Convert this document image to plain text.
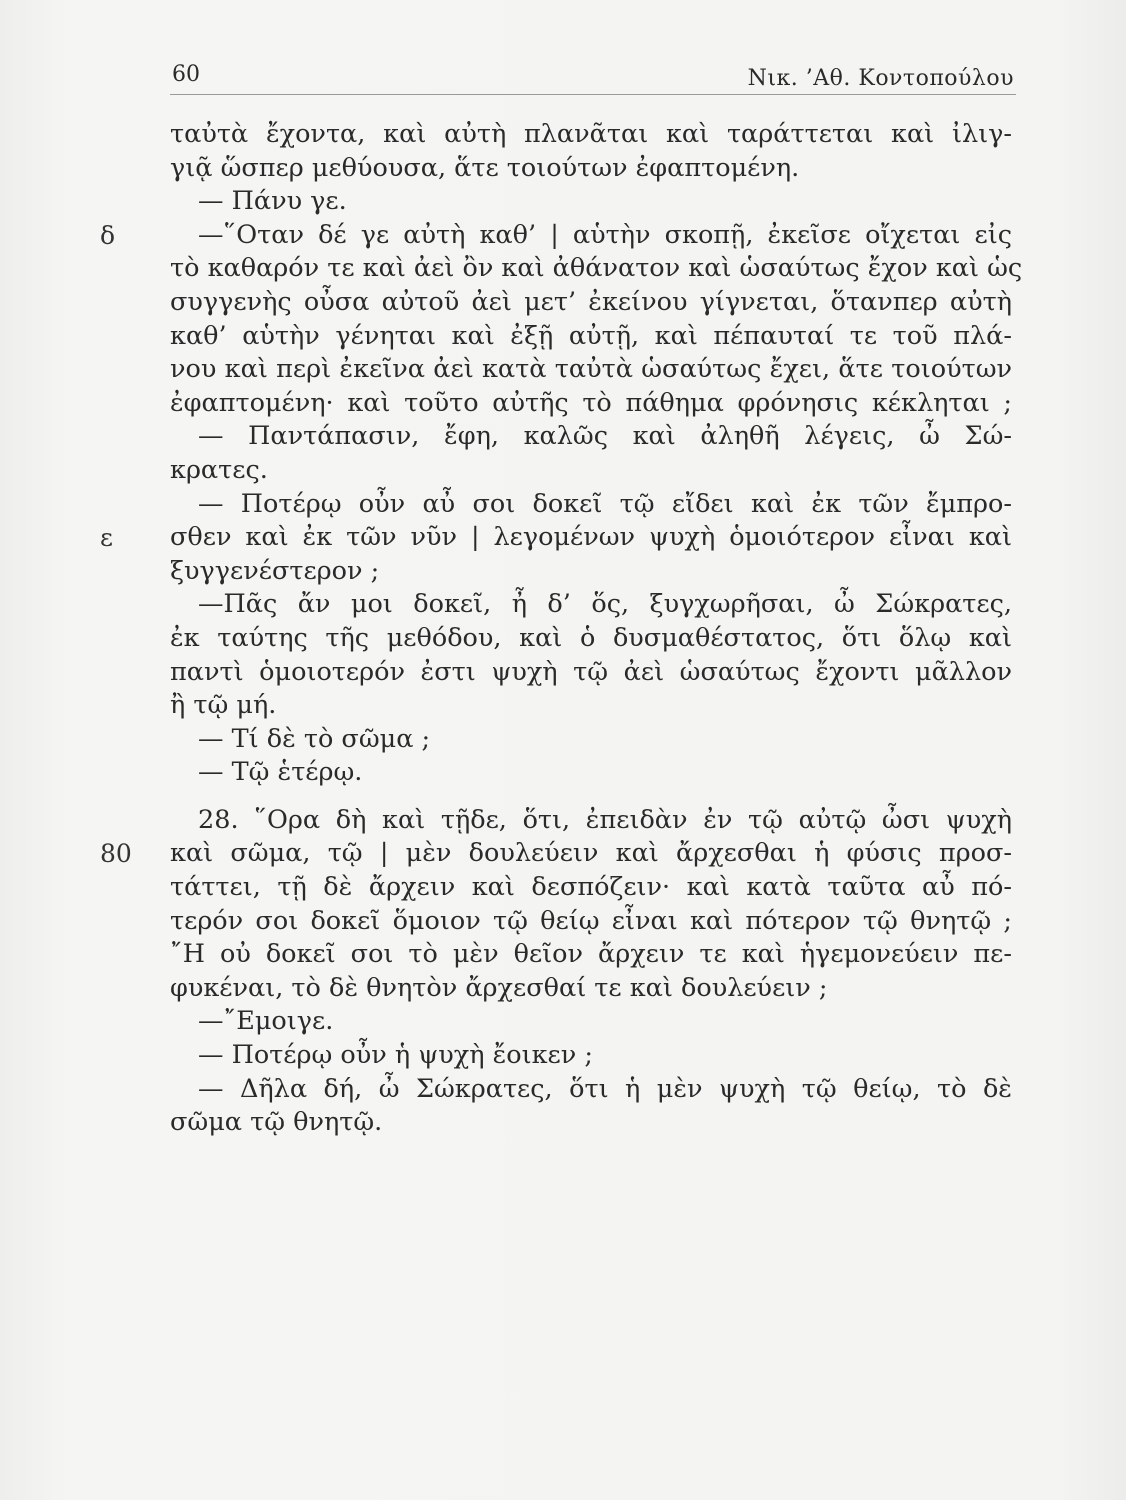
60	Νικ. ’Αθ. Κοντοπούλου
ταὐτὰ ἔχοντα, καὶ αὐτὴ πλανᾶται καὶ ταράττεται καὶ ἰλιγ-
γιᾷ ὥσπερ μεθύουσα, ἅτε τοιούτων ἐφαπτομένη.
— Πάνυ γε.
δ	—῞Οταν δέ γε αὐτὴ καθ’ | αὑτὴν σκοπῇ, ἐκεῖσε οἴχεται εἰς
τὸ καθαρόν τε καὶ ἀεὶ ὂν καὶ ἀθάνατον καὶ ὡσαύτως ἔχον καὶ ὡς
συγγενὴς οὖσα αὐτοῦ ἀεὶ μετ’ ἐκείνου γίγνεται, ὅτανπερ αὐτὴ
καθ’ αὑτὴν γένηται καὶ ἐξῇ αὐτῇ, καὶ πέπαυταί τε τοῦ πλά-
νου καὶ περὶ ἐκεῖνα ἀεὶ κατὰ ταὐτὰ ὡσαύτως ἔχει, ἅτε τοιούτων
ἐφαπτομένη· καὶ τοῦτο αὐτῆς τὸ πάθημα φρόνησις κέκληται ;
— Παντάπασιν, ἔφη, καλῶς καὶ ἀληθῆ λέγεις, ὦ Σώ-
κρατες.
— Ποτέρῳ οὖν αὖ σοι δοκεῖ τῷ εἴδει καὶ ἐκ τῶν ἔμπρο-
ε σθεν καὶ ἐκ τῶν νῦν | λεγομένων ψυχὴ ὁμοιότερον εἶναι καὶ
ξυγγενέστερον ;
—Πᾶς ἄν μοι δοκεῖ, ἦ δ’ ὅς, ξυγχωρῆσαι, ὦ Σώκρατες,
ἐκ ταύτης τῆς μεθόδου, καὶ ὁ δυσμαθέστατος, ὅτι ὅλῳ καὶ
παντὶ ὁμοιοτερόν ἐστι ψυχὴ τῷ ἀεὶ ὡσαύτως ἔχοντι μᾶλλον
ἢ τῷ μή.
— Τί δὲ τὸ σῶμα ;
— Τῷ ἑτέρῳ.
28. ῞Ορα δὴ καὶ τῇδε, ὅτι, ἐπειδὰν ἐν τῷ αὐτῷ ὦσι ψυχὴ
80 καὶ σῶμα, τῷ | μὲν δουλεύειν καὶ ἄρχεσθαι ἡ φύσις προσ-
τάττει, τῇ δὲ ἄρχειν καὶ δεσπόζειν· καὶ κατὰ ταῦτα αὖ πό-
τερόν σοι δοκεῖ ὅμοιον τῷ θείῳ εἶναι καὶ πότερον τῷ θνητῷ ;
῎Η οὐ δοκεῖ σοι τὸ μὲν θεῖον ἄρχειν τε καὶ ἡγεμονεύειν πε-
φυκέναι, τὸ δὲ θνητὸν ἄρχεσθαί τε καὶ δουλεύειν ;
—῎Εμοιγε.
— Ποτέρῳ οὖν ἡ ψυχὴ ἔοικεν ;
— Δῆλα δή, ὦ Σώκρατες, ὅτι ἡ μὲν ψυχὴ τῷ θείῳ, τὸ δὲ
σῶμα τῷ θνητῷ.
